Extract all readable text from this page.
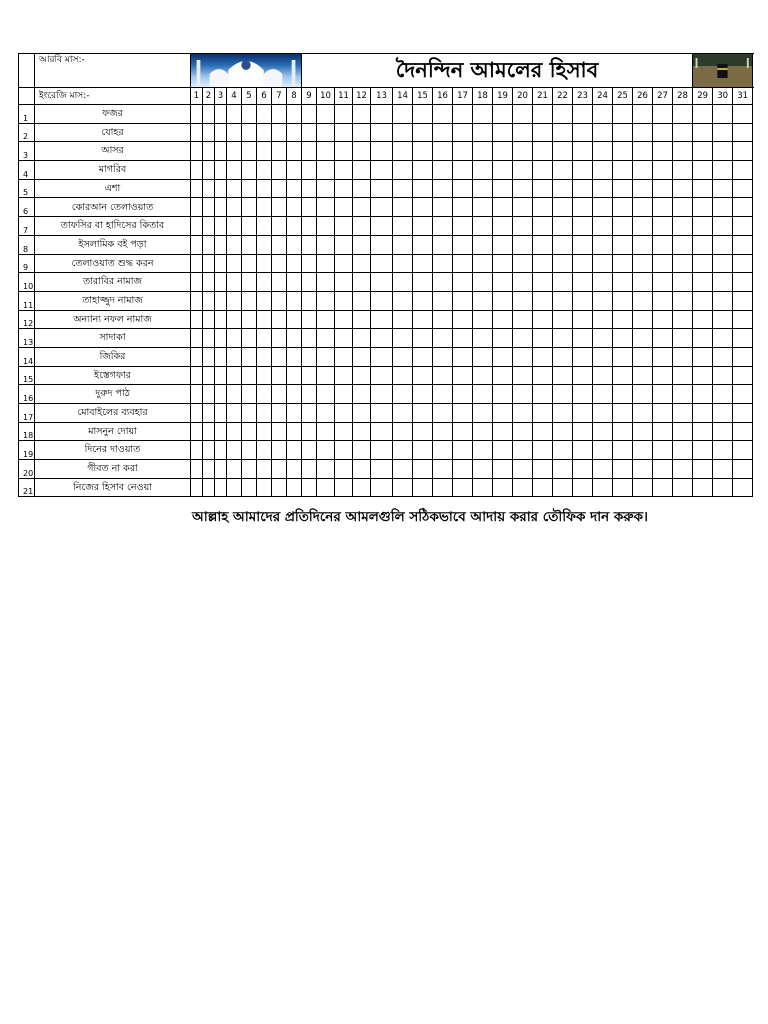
	আরবি মাস:-									দৈনন্দিন আমলের হিসাব	

	ইংরেজি মাস:-	1	2	3	4	5	6	7	8	9	10	11	12	13	14	15	16	17	18	19	20	21	22	23	24	25	26	27	28	29	30	31
1	ফজর																															
2	যোহর																															
3	আসর																															
4	মাগরিব																															
5	এশা																															
6	কোরআন তেলাওয়াত																															
7	তাফসির বা হাদিসের কিতাব																															
8	ইসলামিক বই পড়া																															
9	তেলাওয়াত শুদ্ধ করন																															
10	তারাবির নামাজ																															
11	তাহাজ্জুদ নামাজ																															
12	অন্যান্য নফল নামাজ																															
13	সাদাকা																															
14	জিকির																															
15	ইস্তেগফার																															
16	দুরুদ পাঠ																															
17	মোবাইলের ব্যবহার																															
18	মাসনুন দোয়া																															
19	দিনের দাওয়াত																															
20	গীবত না করা																															
21	নিজের হিসাব নেওয়া																															
আল্লাহ আমাদের প্রতিদিনের আমলগুলি সঠিকভাবে আদায় করার তৌফিক দান করুক।
